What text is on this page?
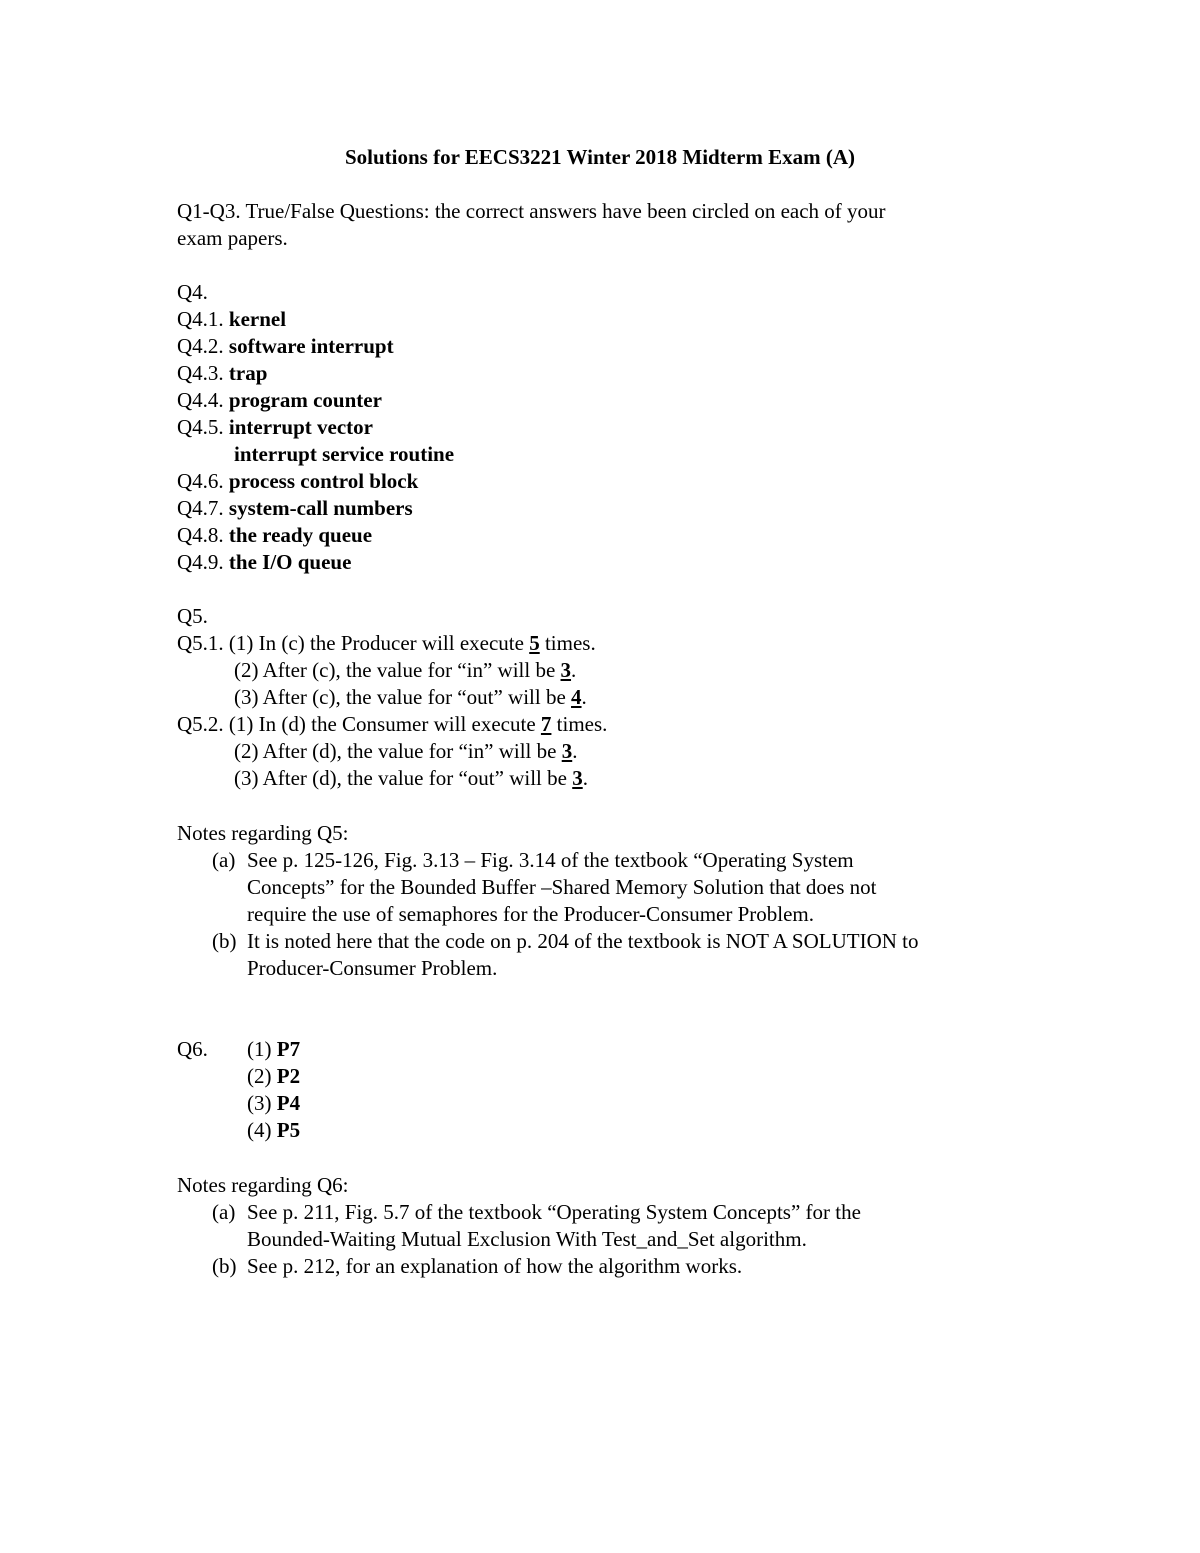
Solutions for EECS3221 Winter 2018 Midterm Exam (A)
Q1-Q3. True/False Questions: the correct answers have been circled on each of your
exam papers.
Q4.
Q4.1. kernel
Q4.2. software interrupt
Q4.3. trap
Q4.4. program counter
Q4.5. interrupt vector
interrupt service routine
Q4.6. process control block
Q4.7. system-call numbers
Q4.8. the ready queue
Q4.9. the I/O queue
Q5.
Q5.1. (1) In (c) the Producer will execute 5 times.
(2) After (c), the value for “in” will be 3.
(3) After (c), the value for “out” will be 4.
Q5.2. (1) In (d) the Consumer will execute 7 times.
(2) After (d), the value for “in” will be 3.
(3) After (d), the value for “out” will be 3.
Notes regarding Q5:
(a) See p. 125-126, Fig. 3.13 – Fig. 3.14 of the textbook “Operating System
Concepts” for the Bounded Buffer –Shared Memory Solution that does not
require the use of semaphores for the Producer-Consumer Problem.
(b) It is noted here that the code on p. 204 of the textbook is NOT A SOLUTION to
Producer-Consumer Problem.
Q6. (1) P7
(2) P2
(3) P4
(4) P5
Notes regarding Q6:
(a) See p. 211, Fig. 5.7 of the textbook “Operating System Concepts” for the
Bounded-Waiting Mutual Exclusion With Test_and_Set algorithm.
(b) See p. 212, for an explanation of how the algorithm works.
